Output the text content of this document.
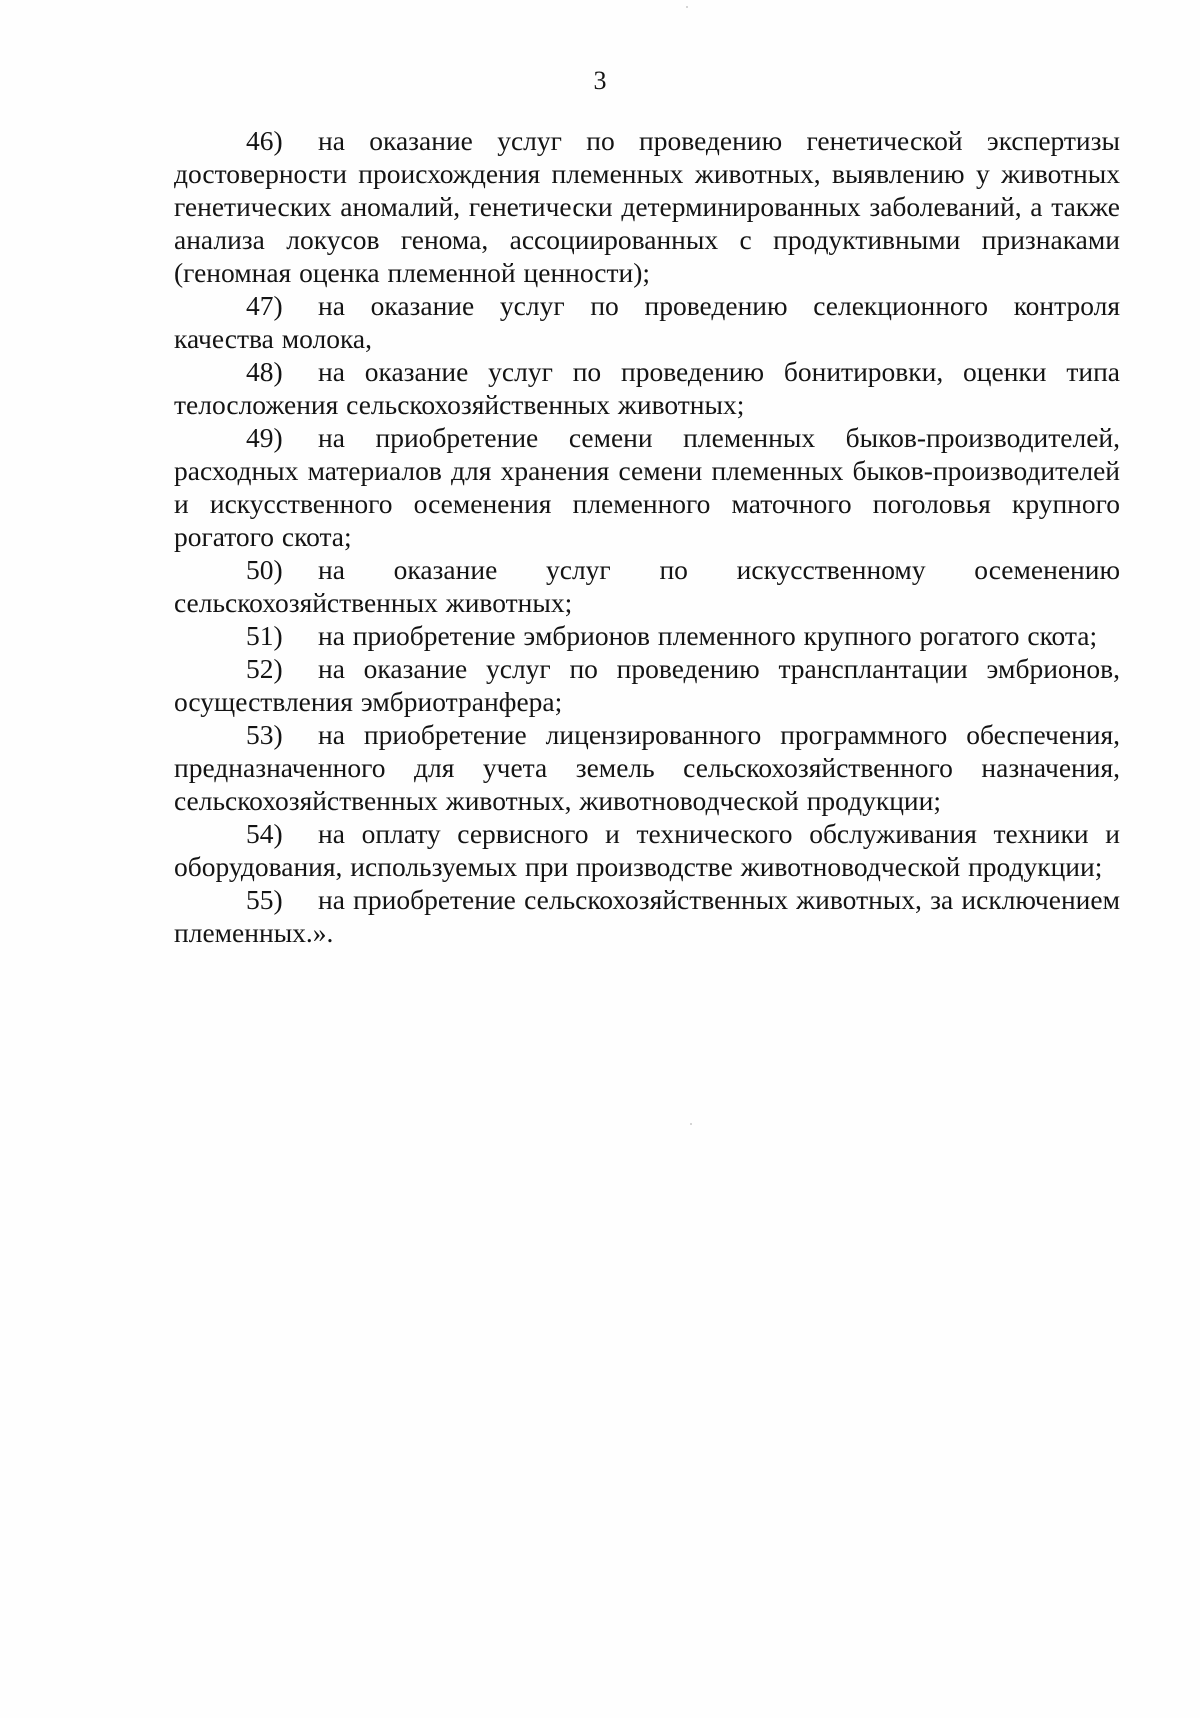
3

46) на оказание услуг по проведению генетической экспертизы достоверности происхождения племенных животных, выявлению у животных генетических аномалий, генетически детерминированных заболеваний, а также анализа локусов генома, ассоциированных с продуктивными признаками (геномная оценка племенной ценности);

47) на оказание услуг по проведению селекционного контроля качества молока,

48) на оказание услуг по проведению бонитировки, оценки типа телосложения сельскохозяйственных животных;

49) на приобретение семени племенных быков-производителей, расходных материалов для хранения семени племенных быков-производителей и искусственного осеменения племенного маточного поголовья крупного рогатого скота;

50) на оказание услуг по искусственному осеменению сельскохозяйственных животных;

51) на приобретение эмбрионов племенного крупного рогатого скота;

52) на оказание услуг по проведению трансплантации эмбрионов, осуществления эмбриотранфера;

53) на приобретение лицензированного программного обеспечения, предназначенного для учета земель сельскохозяйственного назначения, сельскохозяйственных животных, животноводческой продукции;

54) на оплату сервисного и технического обслуживания техники и оборудования, используемых при производстве животноводческой продукции;

55) на приобретение сельскохозяйственных животных, за исключением племенных.».
